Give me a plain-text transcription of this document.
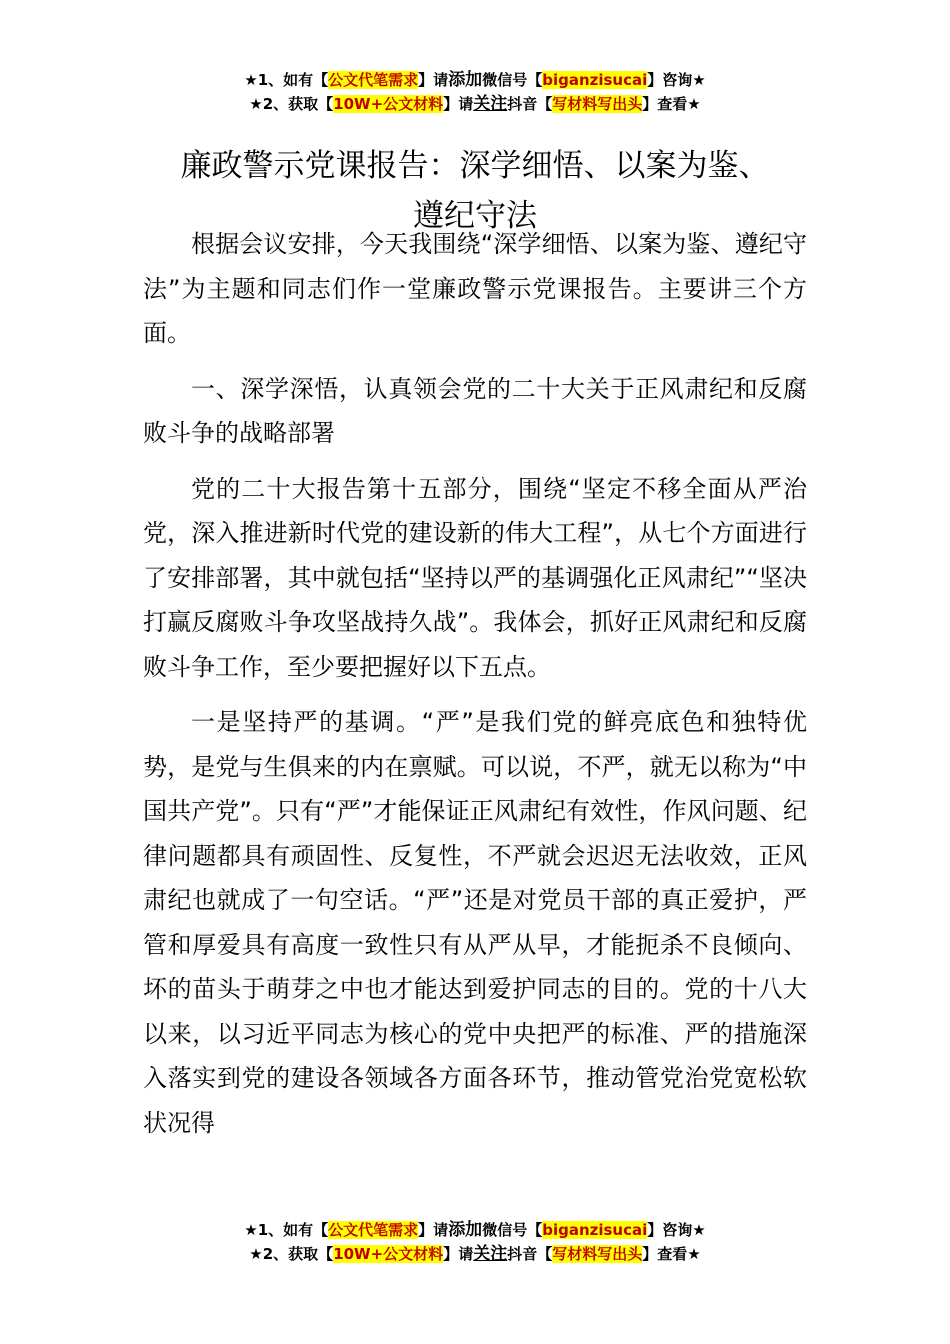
★1、如有【公文代笔需求】请添加微信号【biganzisucai】咨询★
★2、获取【10W+公文材料】请关注抖音【写材料写出头】查看★
廉政警示党课报告：深学细悟、以案为鉴、
遵纪守法

根据会议安排，今天我围绕“深学细悟、以案为鉴、遵纪守法”为主题和同志们作一堂廉政警示党课报告。主要讲三个方面。

一、深学深悟，认真领会党的二十大关于正风肃纪和反腐败斗争的战略部署

党的二十大报告第十五部分，围绕“坚定不移全面从严治党，深入推进新时代党的建设新的伟大工程”，从七个方面进行了安排部署，其中就包括“坚持以严的基调强化正风肃纪”“坚决打赢反腐败斗争攻坚战持久战”。我体会，抓好正风肃纪和反腐败斗争工作，至少要把握好以下五点。

一是坚持严的基调。“严”是我们党的鲜亮底色和独特优势，是党与生俱来的内在禀赋。可以说，不严，就无以称为“中国共产党”。只有“严”才能保证正风肃纪有效性，作风问题、纪律问题都具有顽固性、反复性，不严就会迟迟无法收效，正风肃纪也就成了一句空话。“严”还是对党员干部的真正爱护，严管和厚爱具有高度一致性只有从严从早，才能扼杀不良倾向、坏的苗头于萌芽之中也才能达到爱护同志的目的。党的十八大以来，以习近平同志为核心的党中央把严的标准、严的措施深入落实到党的建设各领域各方面各环节，推动管党治党宽松软状况得

★1、如有【公文代笔需求】请添加微信号【biganzisucai】咨询★
★2、获取【10W+公文材料】请关注抖音【写材料写出头】查看★
